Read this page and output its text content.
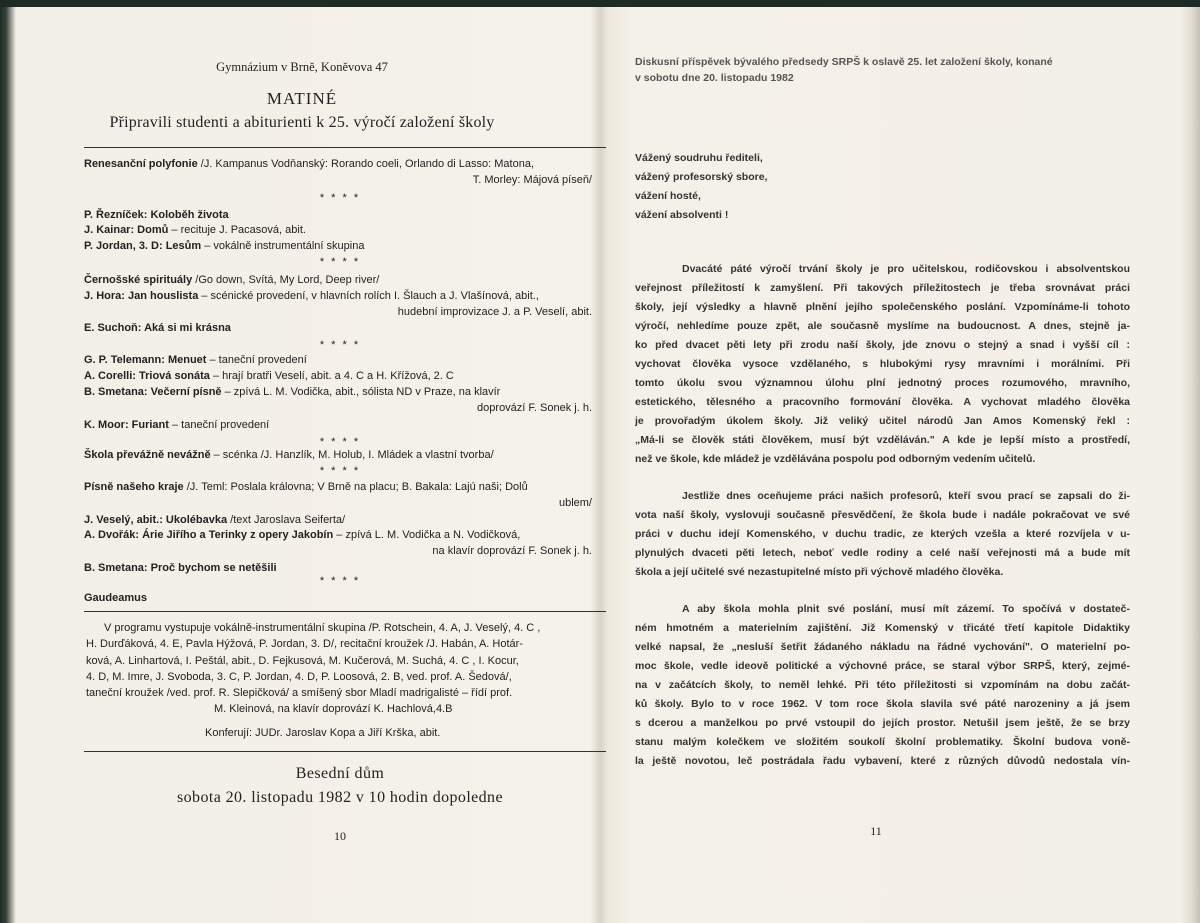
Gymnázium v Brně, Koněvova 47
MATINÉ
Připravili studenti a abiturienti k 25. výročí založení školy
Renesanční polyfonie /J. Kampanus Vodňanský: Rorando coeli, Orlando di Lasso: Matona,
T. Morley: Májová píseň/
* * * *
P. Řezníček: Koloběh života
J. Kainar: Domů – recituje J. Pacasová, abit.
P. Jordan, 3. D: Lesům – vokálně instrumentální skupina
* * * *
Černošské spirituály /Go down, Svítá, My Lord, Deep river/
J. Hora: Jan houslista – scénické provedení, v hlavních rolích I. Šlauch a J. Vlašínová, abit.,
hudební improvizace J. a P. Veselí, abit.
E. Suchoň: Aká si mi krásna
* * * *
G. P. Telemann: Menuet – taneční provedení
A. Corelli: Triová sonáta – hrají bratři Veselí, abit. a 4. C a H. Křížová, 2. C
B. Smetana: Večerní písně – zpívá L. M. Vodička, abit., sólista ND v Praze, na klavír
doprovází F. Sonek j. h.
K. Moor: Furiant – taneční provedení
* * * *
Škola převážně nevážně – scénka /J. Hanzlík, M. Holub, I. Mládek a vlastní tvorba/
* * * *
Písně našeho kraje /J. Teml: Poslala královna; V Brně na placu; B. Bakala: Lajú naši; Dolů
ublem/
J. Veselý, abit.: Ukolébavka /text Jaroslava Seiferta/
A. Dvořák: Árie Jiřího a Terinky z opery Jakobín – zpívá L. M. Vodička a N. Vodičková,
na klavír doprovází F. Sonek j. h.
B. Smetana: Proč bychom se netěšili
* * * *
Gaudeamus
V programu vystupuje vokálně-instrumentální skupina /P. Rotschein, 4. A, J. Veselý, 4. C ,
H. Durďáková, 4. E, Pavla Hýžová, P. Jordan, 3. D/, recitační kroužek /J. Habán, A. Hotár-
ková, A. Linhartová, I. Peštál, abit., D. Fejkusová, M. Kučerová, M. Suchá, 4. C , I. Kocur,
4. D, M. Imre, J. Svoboda, 3. C, P. Jordan, 4. D, P. Loosová, 2. B, ved. prof. A. Šedová/,
taneční kroužek /ved. prof. R. Slepičková/ a smíšený sbor Mladí madrigalisté – řídí prof.
M. Kleinová, na klavír doprovází K. Hachlová,4.B
Konferují: JUDr. Jaroslav Kopa a Jiří Krška, abit.
Besední dům
sobota 20. listopadu 1982 v 10 hodin dopoledne
10
Diskusní příspěvek bývalého předsedy SRPŠ k oslavě 25. let založení školy, konané
v sobotu dne 20. listopadu 1982
Vážený soudruhu řediteli,
vážený profesorský sbore,
vážení hosté,
vážení absolventi !
Dvacáté páté výročí trvání školy je pro učitelskou, rodičovskou i absolventskou
veřejnost příležitostí k zamyšlení. Při takových příležitostech je třeba srovnávat práci
školy, její výsledky a hlavně plnění jejího společenského poslání. Vzpomínáme-li tohoto
výročí, nehledíme pouze zpět, ale současně myslíme na budoucnost. A dnes, stejně ja-
ko před dvacet pěti lety při zrodu naší školy, jde znovu o stejný a snad i vyšší cíl :
vychovat člověka vysoce vzdělaného, s hlubokými rysy mravními i morálními. Při
tomto úkolu svou významnou úlohu plní jednotný proces rozumového, mravního,
estetického, tělesného a pracovního formování člověka. A vychovat mladého člověka
je provořadým úkolem školy. Již veliký učitel národů Jan Amos Komenský řekl :
„Má-li se člověk státi člověkem, musí být vzděláván." A kde je lepší místo a prostředí,
než ve škole, kde mládež je vzdělávána pospolu pod odborným vedením učitelů.
Jestliže dnes oceňujeme práci našich profesorů, kteří svou prací se zapsali do ži-
vota naší školy, vyslovuji současně přesvědčení, že škola bude i nadále pokračovat ve své
práci v duchu idejí Komenského, v duchu tradic, ze kterých vzešla a které rozvíjela v u-
plynulých dvaceti pěti letech, neboť vedle rodiny a celé naší veřejnosti má a bude mít
škola a její učitelé své nezastupitelné místo při výchově mladého člověka.
A aby škola mohla plnit své poslání, musí mít zázemí. To spočívá v dostateč-
ném hmotném a materielním zajištění. Již Komenský v třicáté třetí kapitole Didaktiky
velké napsal, že „nesluší šetřit žádaného nákladu na řádné vychování". O materielní po-
moc škole, vedle ideově politické a výchovné práce, se staral výbor SRPŠ, který, zejmé-
na v začátcích školy, to neměl lehké. Při této příležitosti si vzpomínám na dobu začát-
ků školy. Bylo to v roce 1962. V tom roce škola slavila své páté narozeniny a já jsem
s dcerou a manželkou po prvé vstoupil do jejích prostor. Netušil jsem ještě, že se brzy
stanu malým kolečkem ve složitém soukolí školní problematiky. Školní budova voně-
la ještě novotou, leč postrádala řadu vybavení, které z různých důvodů nedostala vín-
11
